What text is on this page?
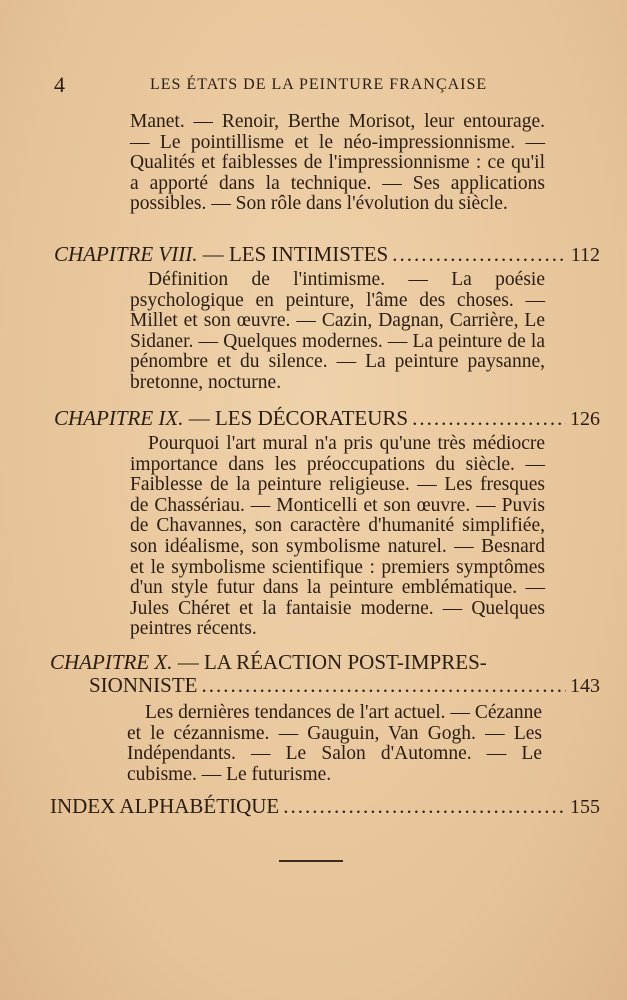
4	LES ÉTATS DE LA PEINTURE FRANÇAISE

Manet. — Renoir, Berthe Morisot, leur entourage. — Le pointillisme et le néo-impressionnisme. — Qualités et faiblesses de l'impressionnisme : ce qu'il a apporté dans la technique. — Ses applications possibles. — Son rôle dans l'évolution du siècle.

CHAPITRE VIII. — LES INTIMISTES .....	112

Définition de l'intimisme. — La poésie psychologique en peinture, l'âme des choses. — Millet et son œuvre. — Cazin, Dagnan, Carrière, Le Sidaner. — Quelques modernes. — La peinture de la pénombre et du silence. — La peinture paysanne, bretonne, nocturne.

CHAPITRE IX. — LES DÉCORATEURS .....	126

Pourquoi l'art mural n'a pris qu'une très médiocre importance dans les préoccupations du siècle. — Faiblesse de la peinture religieuse. — Les fresques de Chassériau. — Monticelli et son œuvre. — Puvis de Chavannes, son caractère d'humanité simplifiée, son idéalisme, son symbolisme naturel. — Besnard et le symbolisme scientifique : premiers symptômes d'un style futur dans la peinture emblématique. — Jules Chéret et la fantaisie moderne. — Quelques peintres récents.

CHAPITRE X. — LA RÉACTION POST-IMPRES-
SIONNISTE .....	143

Les dernières tendances de l'art actuel. — Cézanne et le cézannisme. — Gauguin, Van Gogh. — Les Indépendants. — Le Salon d'Automne. — Le cubisme. — Le futurisme.

INDEX ALPHABÉTIQUE .....	155
